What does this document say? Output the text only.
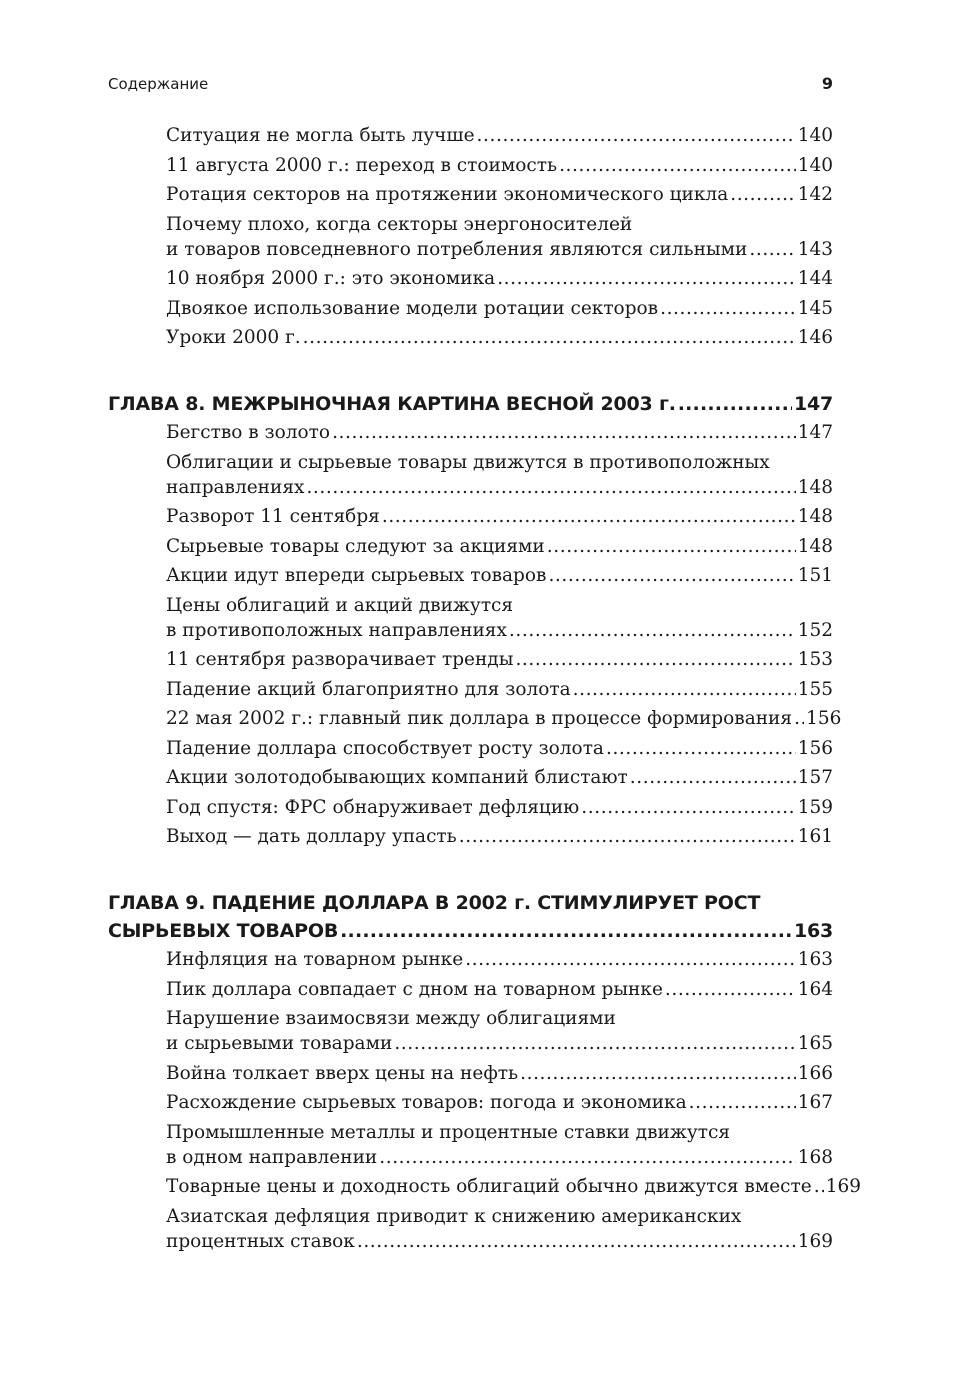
Содержание	9
Ситуация не могла быть лучше .....	140
11 августа 2000 г.: переход в стоимость .....	140
Ротация секторов на протяжении экономического цикла .....	142
Почему плохо, когда секторы энергоносителей
и товаров повседневного потребления являются сильными .....	143
10 ноября 2000 г.: это экономика .....	144
Двоякое использование модели ротации секторов .....	145
Уроки 2000 г. .....	146
ГЛАВА 8. МЕЖРЫНОЧНАЯ КАРТИНА ВЕСНОЙ 2003 г. .....	147
Бегство в золото .....	147
Облигации и сырьевые товары движутся в противоположных
направлениях .....	148
Разворот 11 сентября .....	148
Сырьевые товары следуют за акциями .....	148
Акции идут впереди сырьевых товаров .....	151
Цены облигаций и акций движутся
в противоположных направлениях .....	152
11 сентября разворачивает тренды .....	153
Падение акций благоприятно для золота .....	155
22 мая 2002 г.: главный пик доллара в процессе формирования ..... 156
Падение доллара способствует росту золота .....	156
Акции золотодобывающих компаний блистают .....	157
Год спустя: ФРС обнаруживает дефляцию .....	159
Выход — дать доллару упасть .....	161
ГЛАВА 9. ПАДЕНИЕ ДОЛЛАРА В 2002 г. СТИМУЛИРУЕТ РОСТ
СЫРЬЕВЫХ ТОВАРОВ .....	163
Инфляция на товарном рынке .....	163
Пик доллара совпадает с дном на товарном рынке .....	164
Нарушение взаимосвязи между облигациями
и сырьевыми товарами .....	165
Война толкает вверх цены на нефть .....	166
Расхождение сырьевых товаров: погода и экономика .....	167
Промышленные металлы и процентные ставки движутся
в одном направлении .....	168
Товарные цены и доходность облигаций обычно движутся вместе ..... 169
Азиатская дефляция приводит к снижению американских
процентных ставок .....	169
